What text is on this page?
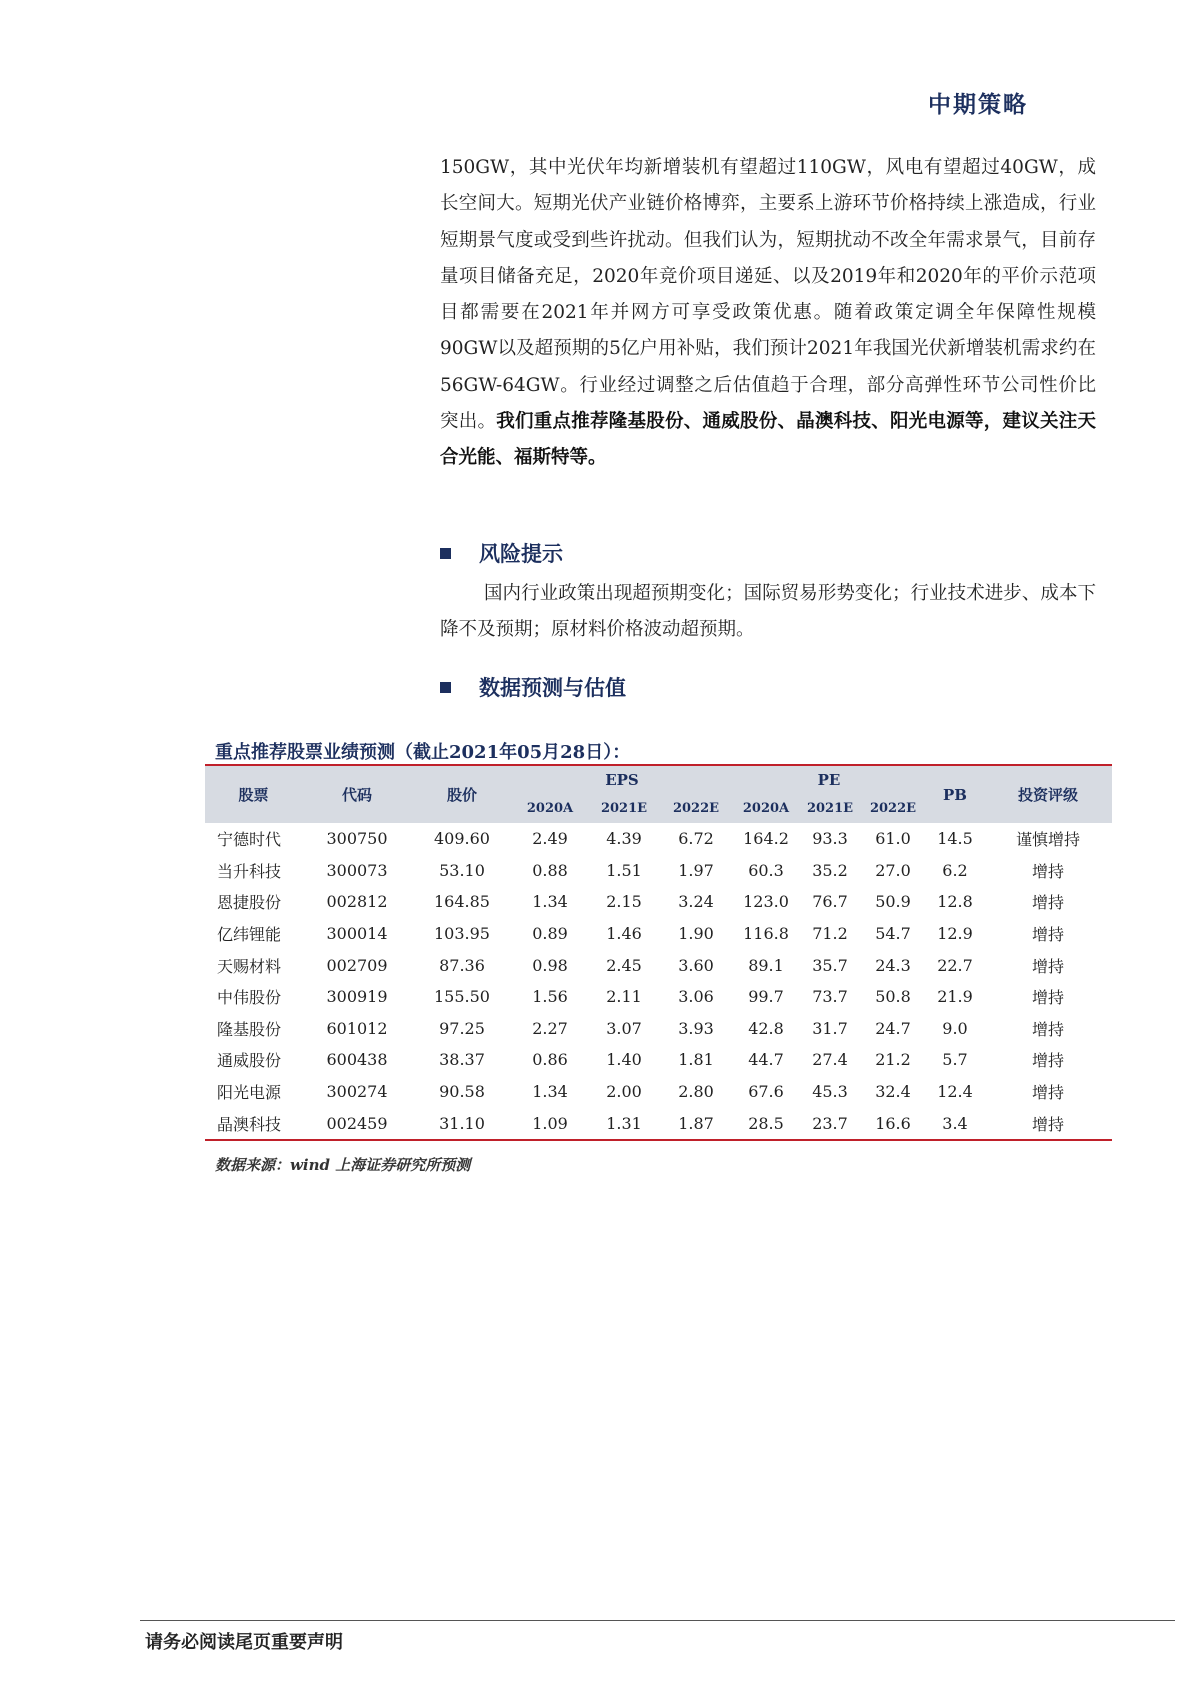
中期策略
150GW，其中光伏年均新增装机有望超过110GW，风电有望超过40GW，成长空间大。短期光伏产业链价格博弈，主要系上游环节价格持续上涨造成，行业短期景气度或受到些许扰动。但我们认为，短期扰动不改全年需求景气，目前存量项目储备充足，2020年竞价项目递延、以及2019年和2020年的平价示范项目都需要在2021年并网方可享受政策优惠。随着政策定调全年保障性规模90GW以及超预期的5亿户用补贴，我们预计2021年我国光伏新增装机需求约在56GW-64GW。行业经过调整之后估值趋于合理，部分高弹性环节公司性价比突出。我们重点推荐隆基股份、通威股份、晶澳科技、阳光电源等，建议关注天合光能、福斯特等。
风险提示
国内行业政策出现超预期变化；国际贸易形势变化；行业技术进步、成本下降不及预期；原材料价格波动超预期。
数据预测与估值
重点推荐股票业绩预测（截止2021年05月28日）：
股票	代码	股价	EPS			PE			PB	投资评级
			2020A	2021E	2022E	2020A	2021E	2022E		
宁德时代	300750	409.60	2.49	4.39	6.72	164.2	93.3	61.0	14.5	谨慎增持
当升科技	300073	53.10	0.88	1.51	1.97	60.3	35.2	27.0	6.2	增持
恩捷股份	002812	164.85	1.34	2.15	3.24	123.0	76.7	50.9	12.8	增持
亿纬锂能	300014	103.95	0.89	1.46	1.90	116.8	71.2	54.7	12.9	增持
天赐材料	002709	87.36	0.98	2.45	3.60	89.1	35.7	24.3	22.7	增持
中伟股份	300919	155.50	1.56	2.11	3.06	99.7	73.7	50.8	21.9	增持
隆基股份	601012	97.25	2.27	3.07	3.93	42.8	31.7	24.7	9.0	增持
通威股份	600438	38.37	0.86	1.40	1.81	44.7	27.4	21.2	5.7	增持
阳光电源	300274	90.58	1.34	2.00	2.80	67.6	45.3	32.4	12.4	增持
晶澳科技	002459	31.10	1.09	1.31	1.87	28.5	23.7	16.6	3.4	增持
数据来源：wind 上海证券研究所预测
请务必阅读尾页重要声明
